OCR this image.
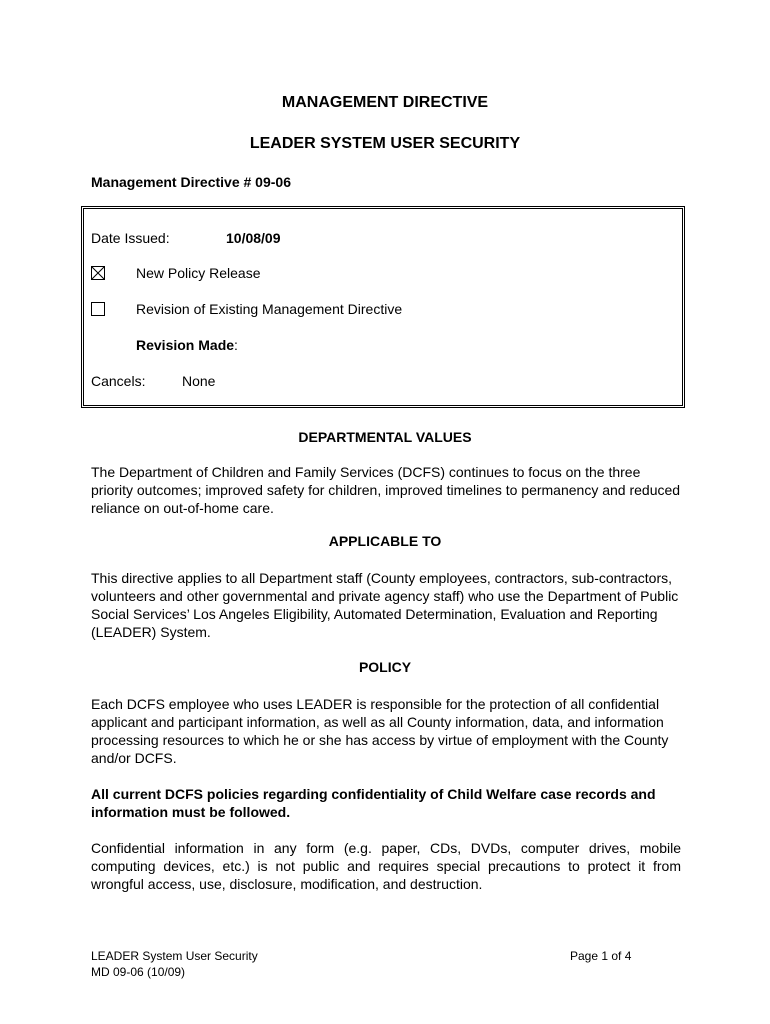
MANAGEMENT DIRECTIVE
LEADER SYSTEM USER SECURITY
Management Directive # 09-06
Date Issued:	10/08/09
New Policy Release
Revision of Existing Management Directive
Revision Made:
Cancels:	None
DEPARTMENTAL VALUES
The Department of Children and Family Services (DCFS) continues to focus on the three priority outcomes; improved safety for children, improved timelines to permanency and reduced reliance on out-of-home care.
APPLICABLE TO
This directive applies to all Department staff (County employees, contractors, sub-contractors, volunteers and other governmental and private agency staff) who use the Department of Public Social Services’ Los Angeles Eligibility, Automated Determination, Evaluation and Reporting (LEADER) System.
POLICY
Each DCFS employee who uses LEADER is responsible for the protection of all confidential applicant and participant information, as well as all County information, data, and information processing resources to which he or she has access by virtue of employment with the County and/or DCFS.
All current DCFS policies regarding confidentiality of Child Welfare case records and information must be followed.
Confidential information in any form (e.g. paper, CDs, DVDs, computer drives, mobile computing devices, etc.) is not public and requires special precautions to protect it from wrongful access, use, disclosure, modification, and destruction.
LEADER System User Security
MD 09-06 (10/09)
Page 1 of 4
